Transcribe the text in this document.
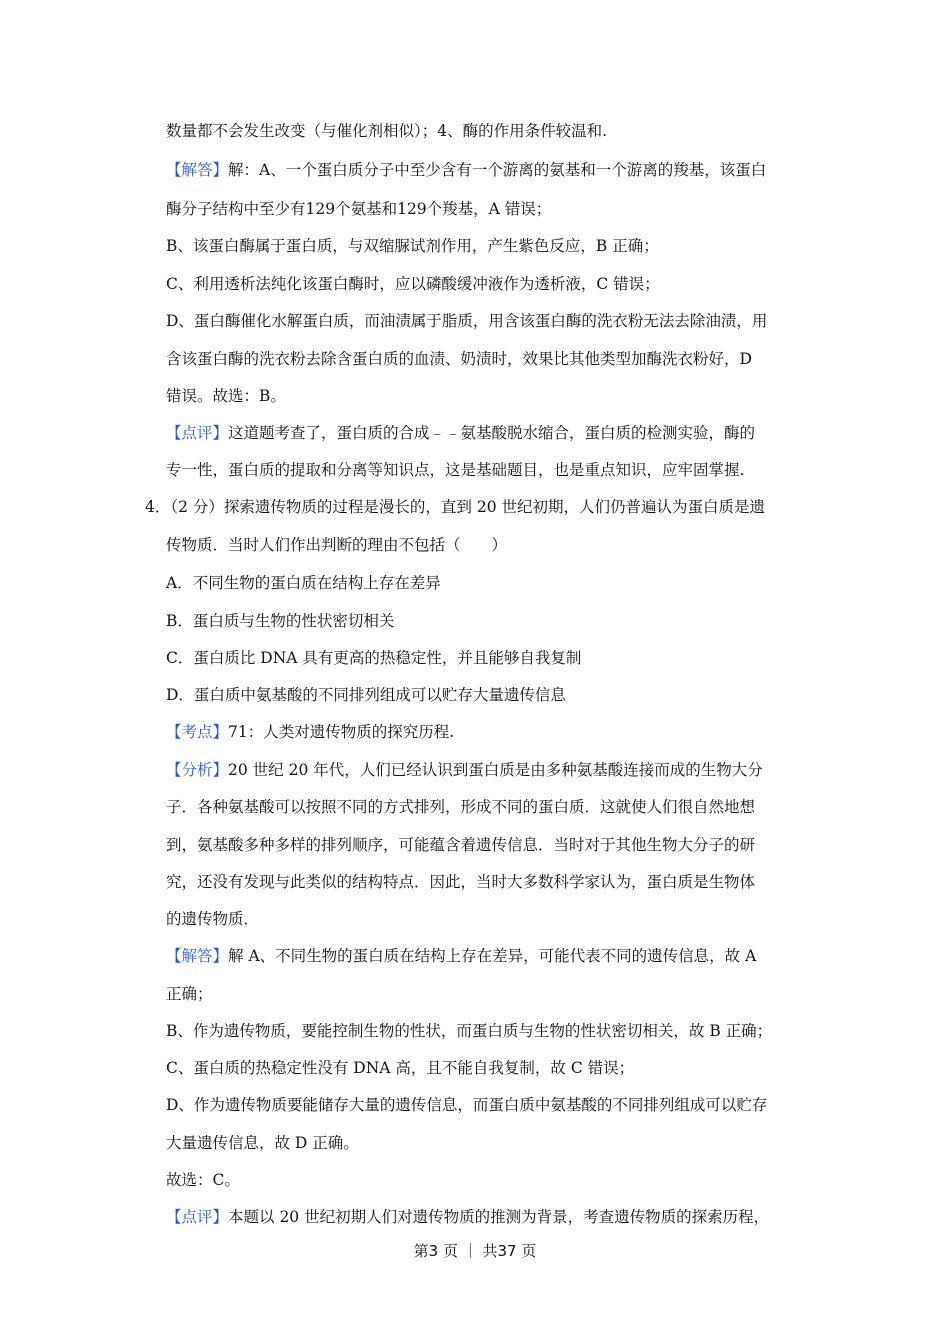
数量都不会发生改变（与催化剂相似）；4、酶的作用条件较温和.
【解答】解：A、一个蛋白质分子中至少含有一个游离的氨基和一个游离的羧基，该蛋白
酶分子结构中至少有129个氨基和129个羧基，A 错误；
B、该蛋白酶属于蛋白质，与双缩脲试剂作用，产生紫色反应，B 正确；
C、利用透析法纯化该蛋白酶时，应以磷酸缓冲液作为透析液，C 错误；
D、蛋白酶催化水解蛋白质，而油渍属于脂质，用含该蛋白酶的洗衣粉无法去除油渍，用
含该蛋白酶的洗衣粉去除含蛋白质的血渍、奶渍时，效果比其他类型加酶洗衣粉好，D
错误。故选：B。
【点评】这道题考查了，蛋白质的合成﹣﹣氨基酸脱水缩合，蛋白质的检测实验，酶的
专一性，蛋白质的提取和分离等知识点，这是基础题目，也是重点知识，应牢固掌握.
4．（2 分）探索遗传物质的过程是漫长的，直到 20 世纪初期，人们仍普遍认为蛋白质是遗
传物质．当时人们作出判断的理由不包括（　　）
A．不同生物的蛋白质在结构上存在差异
B．蛋白质与生物的性状密切相关
C．蛋白质比 DNA 具有更高的热稳定性，并且能够自我复制
D．蛋白质中氨基酸的不同排列组成可以贮存大量遗传信息
【考点】71：人类对遗传物质的探究历程.
【分析】20 世纪 20 年代，人们已经认识到蛋白质是由多种氨基酸连接而成的生物大分
子．各种氨基酸可以按照不同的方式排列，形成不同的蛋白质．这就使人们很自然地想
到，氨基酸多种多样的排列顺序，可能蕴含着遗传信息．当时对于其他生物大分子的研
究，还没有发现与此类似的结构特点．因此，当时大多数科学家认为，蛋白质是生物体
的遗传物质．
【解答】解 A、不同生物的蛋白质在结构上存在差异，可能代表不同的遗传信息，故 A
正确；
B、作为遗传物质，要能控制生物的性状，而蛋白质与生物的性状密切相关，故 B 正确；
C、蛋白质的热稳定性没有 DNA 高，且不能自我复制，故 C 错误；
D、作为遗传物质要能储存大量的遗传信息，而蛋白质中氨基酸的不同排列组成可以贮存
大量遗传信息，故 D 正确。
故选：C。
【点评】本题以 20 世纪初期人们对遗传物质的推测为背景，考查遗传物质的探索历程，
第3 页 ｜ 共37 页
